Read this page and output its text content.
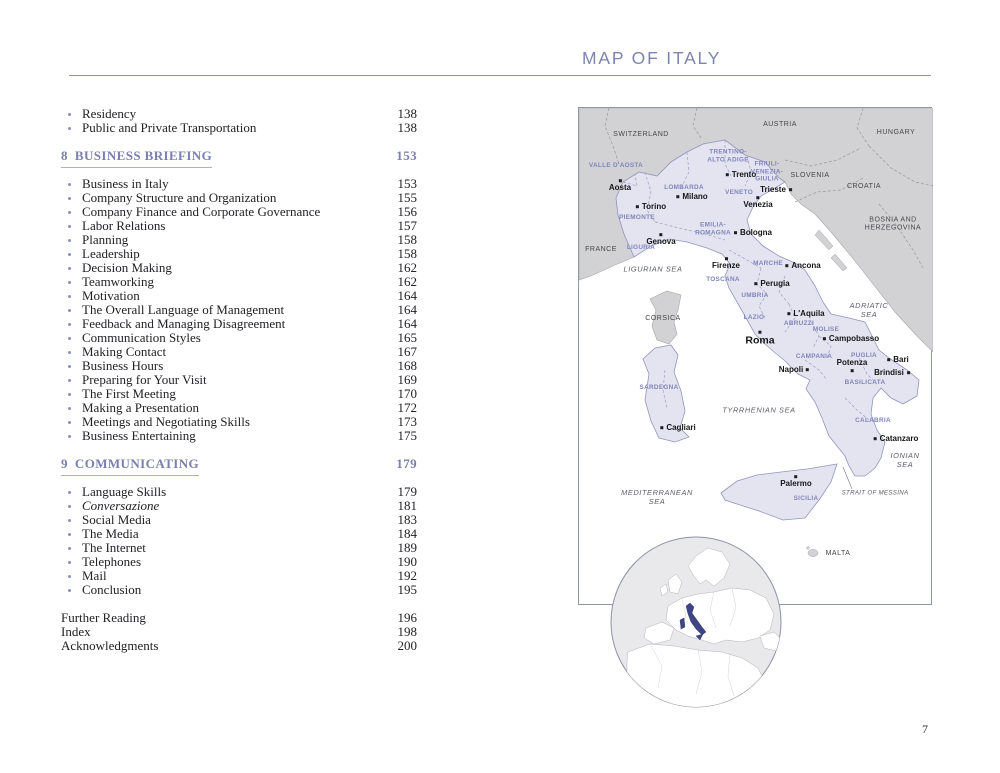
MAP OF ITALY
Residency	138
Public and Private Transportation	138
8 BUSINESS BRIEFING	153
Business in Italy	153
Company Structure and Organization	155
Company Finance and Corporate Governance	156
Labor Relations	157
Planning	158
Leadership	158
Decision Making	162
Teamworking	162
Motivation	164
The Overall Language of Management	164
Feedback and Managing Disagreement	164
Communication Styles	165
Making Contact	167
Business Hours	168
Preparing for Your Visit	169
The First Meeting	170
Making a Presentation	172
Meetings and Negotiating Skills	173
Business Entertaining	175
9 COMMUNICATING	179
Language Skills	179
Conversazione	181
Social Media	183
The Media	184
The Internet	189
Telephones	190
Mail	192
Conclusion	195
Further Reading	196
Index	198
Acknowledgments	200
SWITZERLAND
AUSTRIA
HUNGARY
SLOVENIA
CROATIA
BOSNIA AND
HERZEGOVINA
FRANCE
CORSICA
MALTA
VALLE D'AOSTA
TRENTINO-
ALTO ADIGE
FRIULI-
VENEZIA-
GIULIA
LOMBARDA
VENETO
PIEMONTE
EMILIA-
ROMAGNA
LIGURIA
TOSCANA
MARCHE
UMBRIA
LAZIO
ABRUZZI
MOLISE
CAMPANIA	PUGLIA
BASILICATA
CALABRIA
SARDEGNA
SICILIA
Aosta
Torino
Milano
Trento
Venezia
Trieste
Genova
Bologna
Firenze	Ancona
Perugia
L'Aquila
Roma	Campobasso
Napoli
Potenza	Bari
Brindisi
Cagliari
Palermo
Catanzaro
LIGURIAN SEA
ADRIATIC
SEA
TYRRHENIAN SEA
IONIAN
SEA
MEDITERRANEAN
SEA
STRAIT OF MESSINA
7
